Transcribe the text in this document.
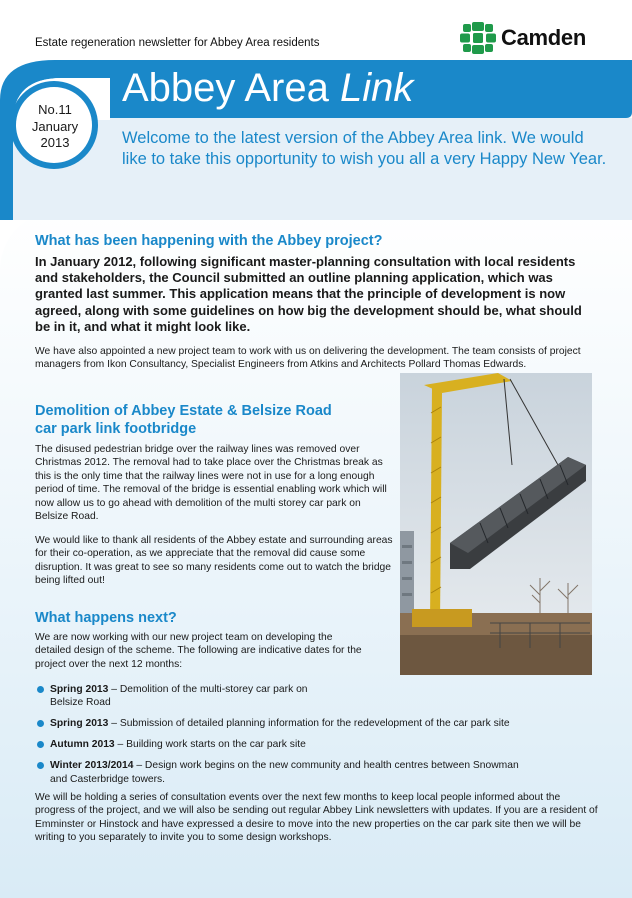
Estate regeneration newsletter for Abbey Area residents	Camden
Abbey Area Link
No.11
January
2013	Welcome to the latest version of the Abbey Area link. We would like to take this opportunity to wish you all a very Happy New Year.
What has been happening with the Abbey project?
In January 2012, following significant master-planning consultation with local residents and stakeholders, the Council submitted an outline planning application, which was granted last summer. This application means that the principle of development is now agreed, along with some guidelines on how big the development should be, what should be in it, and what it might look like.

We have also appointed a new project team to work with us on delivering the development. The team consists of project managers from Ikon Consultancy, Specialist Engineers from Atkins and Architects Pollard Thomas Edwards.

Demolition of Abbey Estate & Belsize Road
car park link footbridge

The disused pedestrian bridge over the railway lines was removed over Christmas 2012. The removal had to take place over the Christmas break as this is the only time that the railway lines were not in use for a long enough period of time. The removal of the bridge is essential enabling work which will now allow us to go ahead with demolition of the multi storey car park on Belsize Road.

We would like to thank all residents of the Abbey estate and surrounding areas for their co-operation, as we appreciate that the removal did cause some disruption. It was great to see so many residents come out to watch the bridge being lifted out!

What happens next?

We are now working with our new project team on developing the detailed design of the scheme. The following are indicative dates for the project over the next 12 months:

Spring 2013 – Demolition of the multi-storey car park on Belsize Road
Spring 2013 – Submission of detailed planning information for the redevelopment of the car park site
Autumn 2013 – Building work starts on the car park site
Winter 2013/2014 – Design work begins on the new community and health centres between Snowman and Casterbridge towers.

We will be holding a series of consultation events over the next few months to keep local people informed about the progress of the project, and we will also be sending out regular Abbey Link newsletters with updates. If you are a resident of Emminster or Hinstock and have expressed a desire to move into the new properties on the car park site then we will be writing to you separately to invite you to some design workshops.
